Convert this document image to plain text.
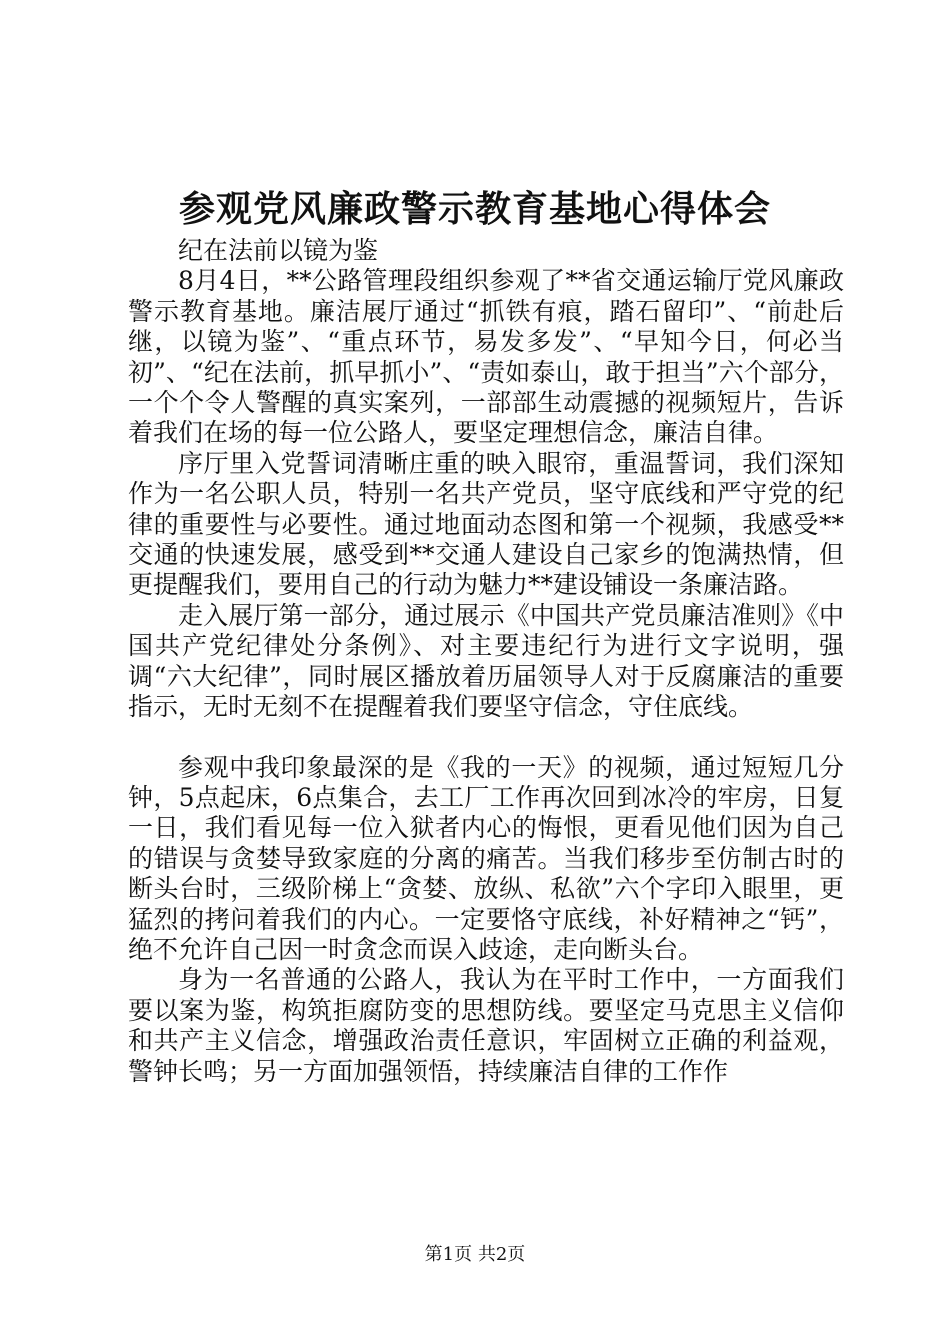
参观党风廉政警示教育基地心得体会

纪在法前以镜为鉴

8月4日，**公路管理段组织参观了**省交通运输厅党风廉政警示教育基地。廉洁展厅通过“抓铁有痕，踏石留印”、“前赴后继，以镜为鉴”、“重点环节，易发多发”、“早知今日，何必当初”、“纪在法前，抓早抓小”、“责如泰山，敢于担当”六个部分，一个个令人警醒的真实案列，一部部生动震撼的视频短片，告诉着我们在场的每一位公路人，要坚定理想信念，廉洁自律。

序厅里入党誓词清晰庄重的映入眼帘，重温誓词，我们深知作为一名公职人员，特别一名共产党员，坚守底线和严守党的纪律的重要性与必要性。通过地面动态图和第一个视频，我感受**交通的快速发展，感受到**交通人建设自己家乡的饱满热情，但更提醒我们，要用自己的行动为魅力**建设铺设一条廉洁路。

走入展厅第一部分，通过展示《中国共产党员廉洁准则》《中国共产党纪律处分条例》、对主要违纪行为进行文字说明，强调“六大纪律”，同时展区播放着历届领导人对于反腐廉洁的重要指示，无时无刻不在提醒着我们要坚守信念，守住底线。

参观中我印象最深的是《我的一天》的视频，通过短短几分钟，5点起床，6点集合，去工厂工作再次回到冰冷的牢房，日复一日，我们看见每一位入狱者内心的悔恨，更看见他们因为自己的错误与贪婪导致家庭的分离的痛苦。当我们移步至仿制古时的断头台时，三级阶梯上“贪婪、放纵、私欲”六个字印入眼里，更猛烈的拷问着我们的内心。一定要恪守底线，补好精神之“钙”，绝不允许自己因一时贪念而误入歧途，走向断头台。

身为一名普通的公路人，我认为在平时工作中，一方面我们要以案为鉴，构筑拒腐防变的思想防线。要坚定马克思主义信仰和共产主义信念，增强政治责任意识，牢固树立正确的利益观，警钟长鸣；另一方面加强领悟，持续廉洁自律的工作作

第1页 共2页
